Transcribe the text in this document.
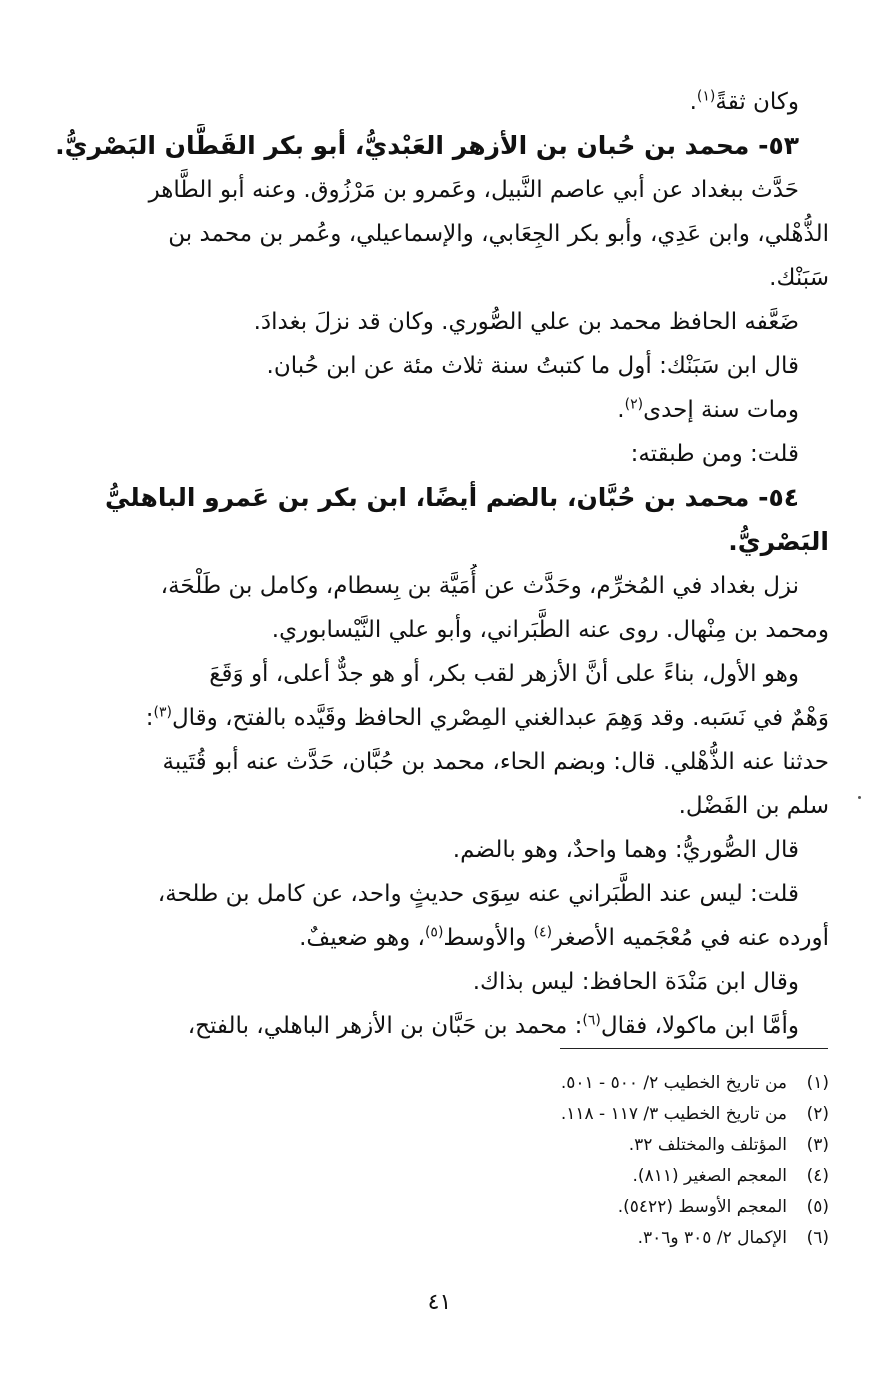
وكان ثقةً$^{(١)}$.
٥٣- محمد بن حُبان بن الأزهر العَبْديُّ، أبو بكر القَطَّان البَصْريُّ.
حَدَّث ببغداد عن أبي عاصم النَّبيل، وعَمرو بن مَرْزُوق. وعنه أبو الطَّاهر
الذُّهْلي، وابن عَدِي، وأبو بكر الجِعَابي، والإسماعيلي، وعُمر بن محمد بن
سَبَنْك.
ضَعَّفه الحافظ محمد بن علي الصُّوري. وكان قد نزلَ بغدادَ.
قال ابن سَبَنْك: أول ما كتبتُ سنة ثلاث مئة عن ابن حُبان.
ومات سنة إحدى$^{(٢)}$.
قلت: ومن طبقته:
٥٤- محمد بن حُبَّان، بالضم أيضًا، ابن بكر بن عَمرو الباهليُّ
البَصْريُّ.
نزل بغداد في المُخرِّم، وحَدَّث عن أُمَيَّة بن بِسطام، وكامل بن طَلْحَة،
ومحمد بن مِنْهال. روى عنه الطَّبَراني، وأبو علي النَّيْسابوري.
وهو الأول، بناءً على أنَّ الأزهر لقب بكر، أو هو جدٌّ أعلى، أو وَقَعَ
وَهْمٌ في نَسَبه. وقد وَهِمَ عبدالغني المِصْري الحافظ وقَيَّده بالفتح، وقال$^{(٣)}$:
حدثنا عنه الذُّهْلي. قال: وبضم الحاء، محمد بن حُبَّان، حَدَّث عنه أبو قُتَيبة
سلم بن الفَضْل.
قال الصُّوريُّ: وهما واحدٌ، وهو بالضم.
قلت: ليس عند الطَّبَراني عنه سِوَى حديثٍ واحد، عن كامل بن طلحة،
أورده عنه في مُعْجَميه الأصغر$^{(٤)}$ والأوسط$^{(٥)}$، وهو ضعيفٌ.
وقال ابن مَنْدَة الحافظ: ليس بذاك.
وأمَّا ابن ماكولا، فقال$^{(٦)}$: محمد بن حَبَّان بن الأزهر الباهلي، بالفتح،
(١)من تاريخ الخطيب ٢/ ٥٠٠ - ٥٠١.
(٢)من تاريخ الخطيب ٣/ ١١٧ - ١١٨.
(٣)المؤتلف والمختلف ٣٢.
(٤)المعجم الصغير (٨١١).
(٥)المعجم الأوسط (٥٤٢٢).
(٦)الإكمال ٢/ ٣٠٥ و٣٠٦.
٤١
